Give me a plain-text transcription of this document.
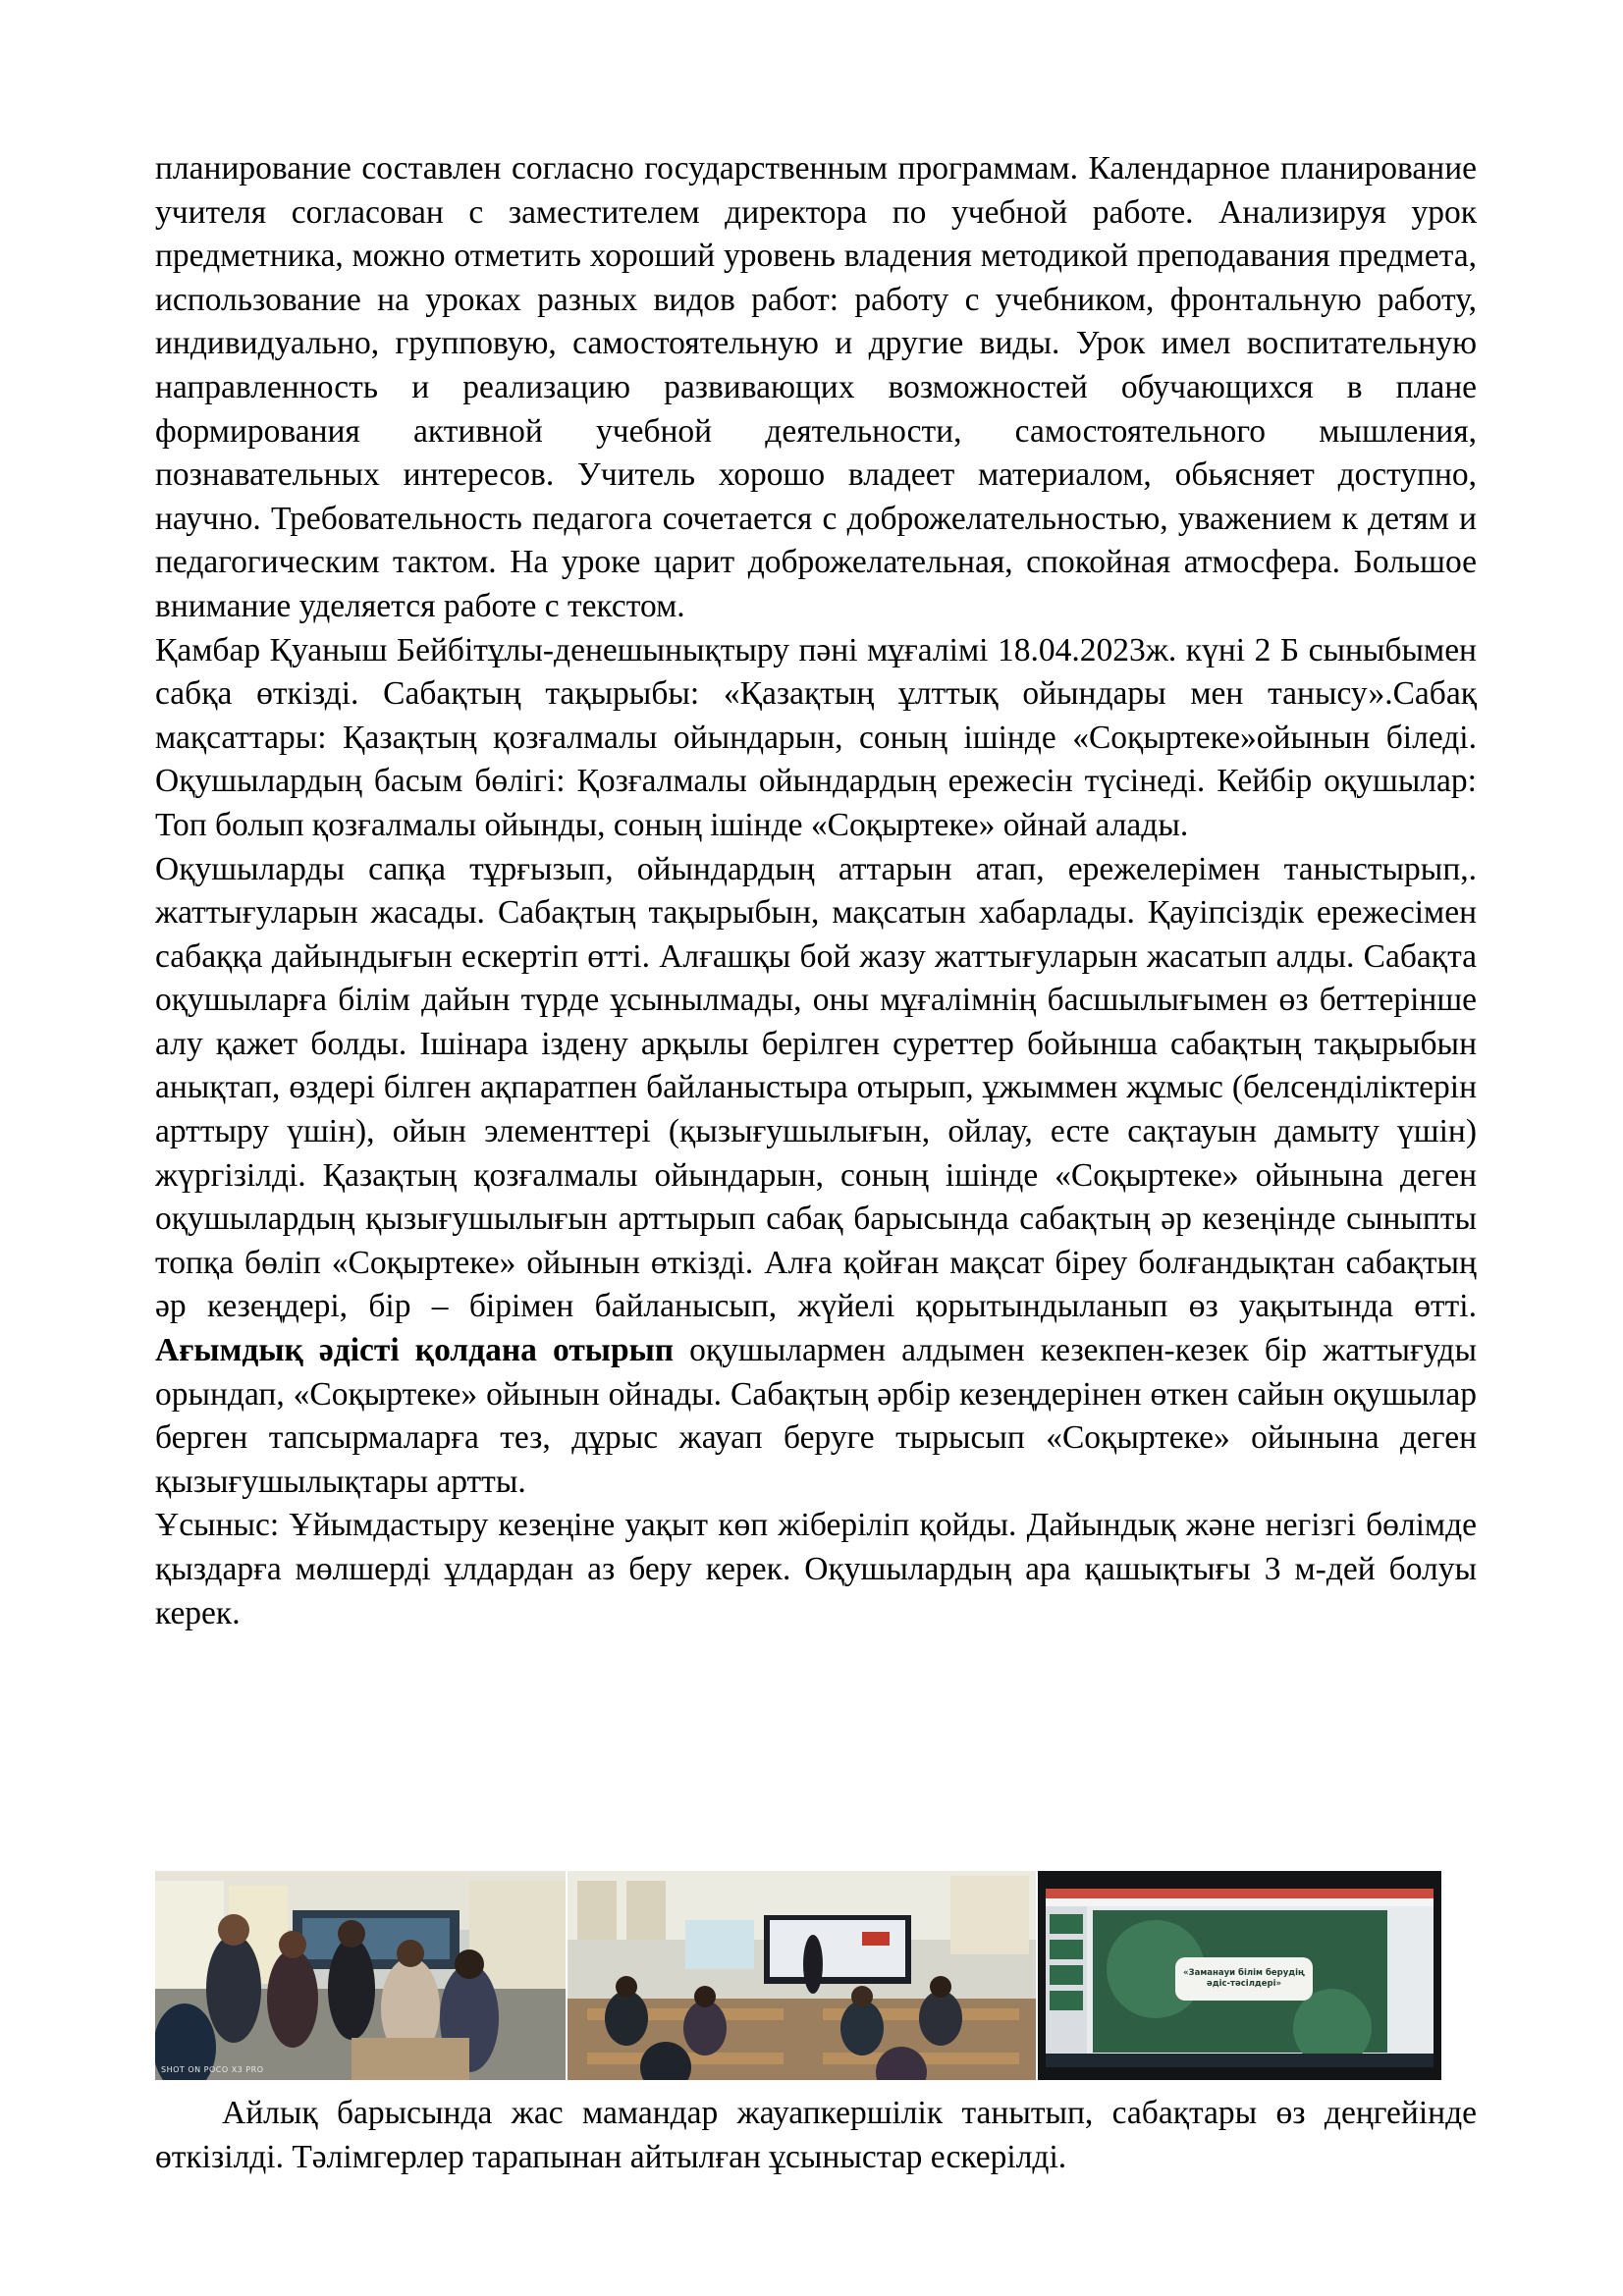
планирование составлен согласно государственным программам. Календарное планирование учителя согласован с заместителем директора по учебной работе. Анализируя урок предметника, можно отметить хороший уровень владения методикой преподавания предмета, использование на уроках разных видов работ: работу с учебником, фронтальную работу, индивидуально, групповую, самостоятельную и другие виды. Урок имел воспитательную направленность и реализацию развивающих возможностей обучающихся в плане формирования активной учебной деятельности, самостоятельного мышления, познавательных интересов. Учитель хорошо владеет материалом, обьясняет доступно, научно. Требовательность педагога сочетается с доброжелательностью, уважением к детям и педагогическим тактом. На уроке царит доброжелательная, спокойная атмосфера. Большое внимание уделяется работе с текстом.

Қамбар Қуаныш Бейбітұлы-денешынықтыру пәні мұғалімі 18.04.2023ж. күні 2 Б сыныбымен сабқа өткізді. Сабақтың тақырыбы: «Қазақтың ұлттық ойындары мен танысу».Сабақ мақсаттары: Қазақтың қозғалмалы ойындарын, соның ішінде «Соқыртеке»ойынын біледі. Оқушылардың басым бөлігі: Қозғалмалы ойындардың ережесін түсінеді. Кейбір оқушылар: Топ болып қозғалмалы ойынды, соның ішінде «Соқыртеке» ойнай алады.

Оқушыларды сапқа тұрғызып, ойындардың аттарын атап, ережелерімен таныстырып,. жаттығуларын жасады. Сабақтың тақырыбын, мақсатын хабарлады. Қауіпсіздік ережесімен сабаққа дайындығын ескертіп өтті. Алғашқы бой жазу жаттығуларын жасатып алды. Сабақта оқушыларға білім дайын түрде ұсынылмады, оны мұғалімнің басшылығымен өз беттерінше алу қажет болды. Ішінара іздену арқылы берілген суреттер бойынша сабақтың тақырыбын анықтап, өздері білген ақпаратпен байланыстыра отырып, ұжыммен жұмыс (белсенділіктерін арттыру үшін), ойын элементтері (қызығушылығын, ойлау, есте сақтауын дамыту үшін) жүргізілді. Қазақтың қозғалмалы ойындарын, соның ішінде «Соқыртеке» ойынына деген оқушылардың қызығушылығын арттырып сабақ барысында сабақтың әр кезеңінде сыныпты топқа бөліп «Соқыртеке» ойынын өткізді. Алға қойған мақсат біреу болғандықтан сабақтың әр кезеңдері, бір – бірімен байланысып, жүйелі қорытындыланып өз уақытында өтті. Ағымдық әдісті қолдана отырып оқушылармен алдымен кезекпен-кезек бір жаттығуды орындап, «Соқыртеке» ойынын ойнады. Сабақтың әрбір кезеңдерінен өткен сайын оқушылар берген тапсырмаларға тез, дұрыс жауап беруге тырысып «Соқыртеке» ойынына деген қызығушылықтары артты.

Ұсыныс: Ұйымдастыру кезеңіне уақыт көп жіберіліп қойды. Дайындық және негізгі бөлімде қыздарға мөлшерді ұлдардан аз беру керек. Оқушылардың ара қашықтығы 3 м-дей болуы керек.

SHOT ON POCO X3 PRO
«Заманауи білім берудің әдіс-тәсілдері»

Айлық барысында жас мамандар жауапкершілік танытып, сабақтары өз деңгейінде өткізілді. Тәлімгерлер тарапынан айтылған ұсыныстар ескерілді.
